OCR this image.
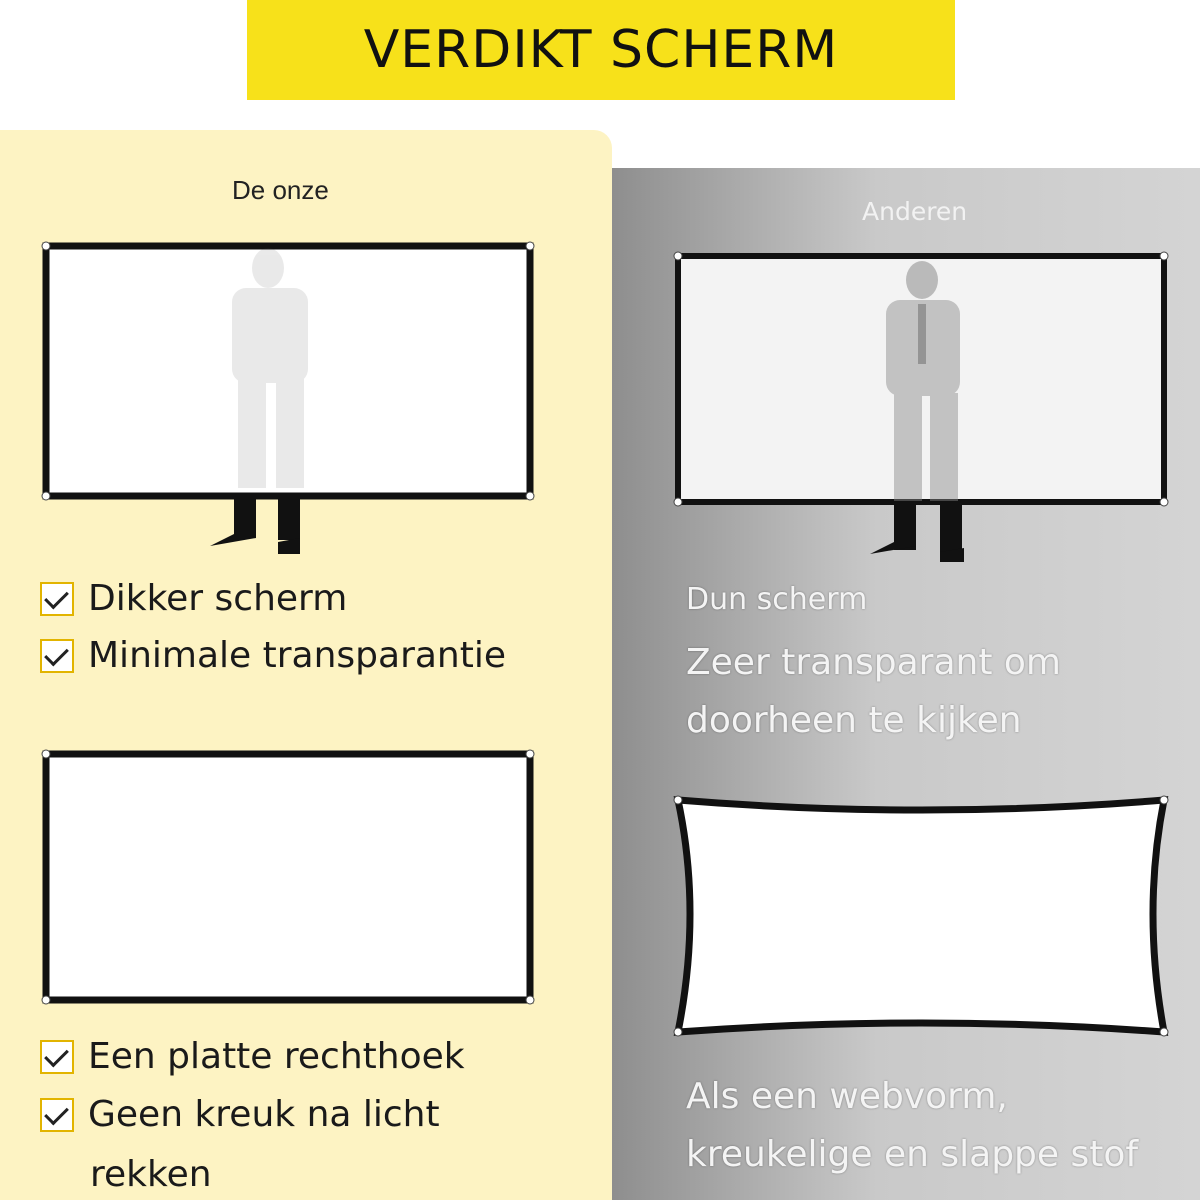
VERDIKT SCHERM
De onze
Anderen
Dikker scherm
Minimale transparantie
Dun scherm
Zeer transparant om
doorheen te kijken
Een platte rechthoek
Geen kreuk na licht
rekken
Als een webvorm,
kreukelige en slappe stof
